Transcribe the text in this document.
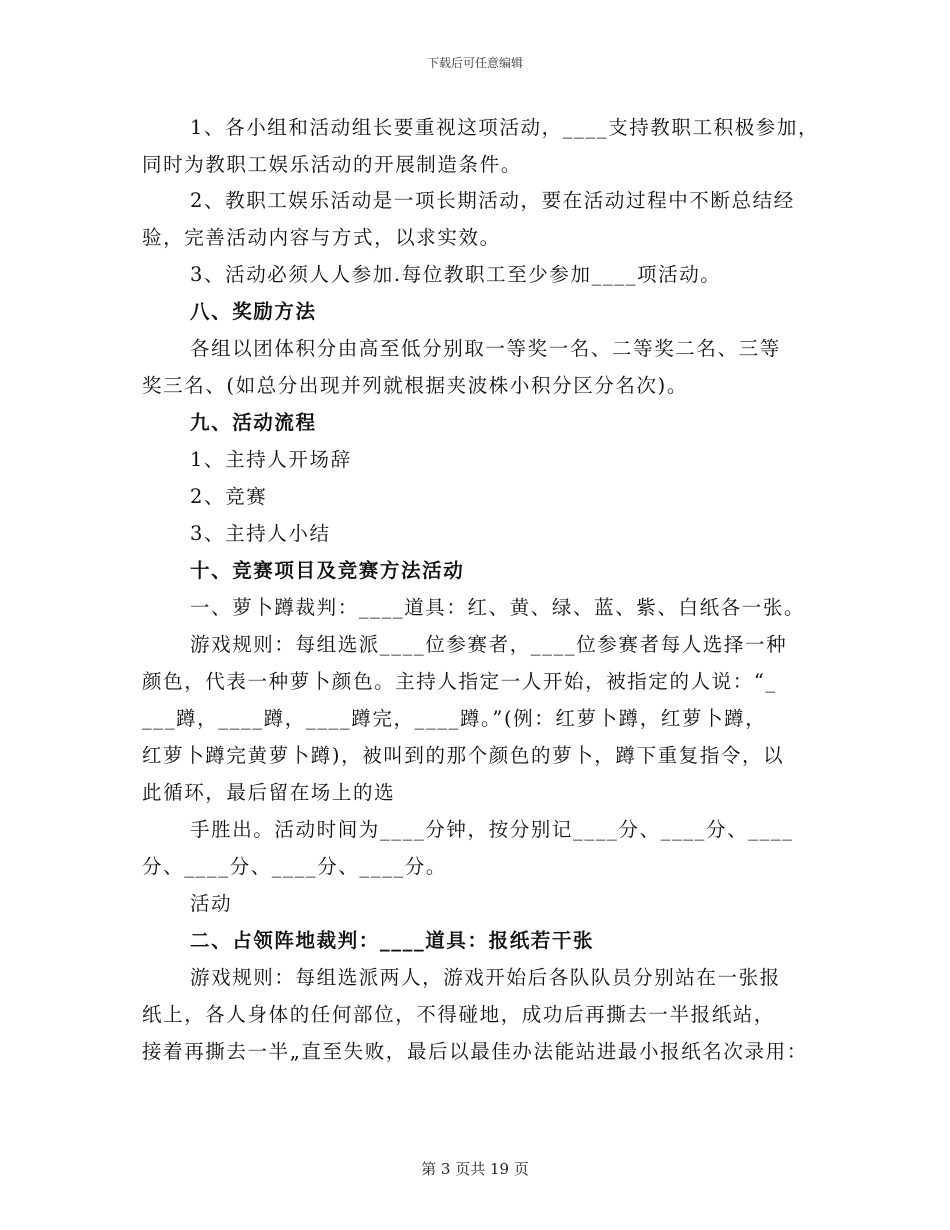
下载后可任意编辑
1、各小组和活动组长要重视这项活动，____支持教职工积极参加，
同时为教职工娱乐活动的开展制造条件。
2、教职工娱乐活动是一项长期活动，要在活动过程中不断总结经
验，完善活动内容与方式，以求实效。
3、活动必须人人参加.每位教职工至少参加____项活动。
八、奖励方法
各组以团体积分由高至低分别取一等奖一名、二等奖二名、三等
奖三名、(如总分出现并列就根据夹波株小积分区分名次)。
九、活动流程
1、主持人开场辞
2、竞赛
3、主持人小结
十、竞赛项目及竞赛方法活动
一、萝卜蹲裁判：____道具：红、黄、绿、蓝、紫、白纸各一张。
游戏规则：每组选派____位参赛者，____位参赛者每人选择一种
颜色，代表一种萝卜颜色。主持人指定一人开始，被指定的人说：“_
___蹲，____蹲，____蹲完，____蹲。”(例：红萝卜蹲，红萝卜蹲，
红萝卜蹲完黄萝卜蹲)，被叫到的那个颜色的萝卜，蹲下重复指令，以
此循环，最后留在场上的选
手胜出。活动时间为____分钟，按分别记____分、____分、____
分、____分、____分、____分。
活动
二、占领阵地裁判：____道具：报纸若干张
游戏规则：每组选派两人，游戏开始后各队队员分别站在一张报
纸上，各人身体的任何部位，不得碰地，成功后再撕去一半报纸站，
接着再撕去一半„直至失败，最后以最佳办法能站进最小报纸名次录用：
第 3 页共 19 页
